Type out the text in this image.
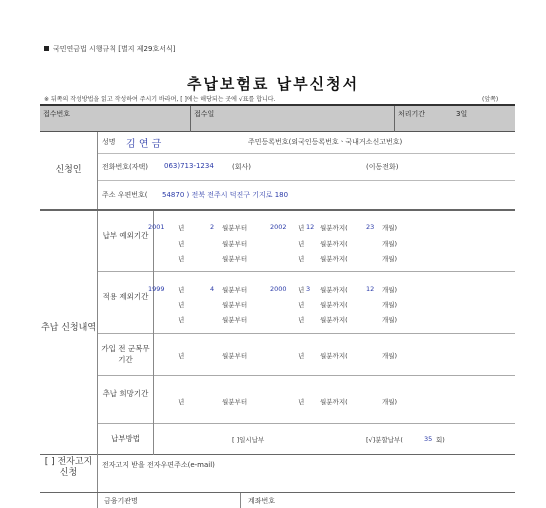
국민연금법 시행규칙 [별지 제29호서식]
추납보험료 납부신청서
※ 뒤쪽의 작성방법을 읽고 작성하여 주시기 바라며, [ ]에는 해당되는 곳에 √표를 합니다.	(앞쪽)
접수번호	접수일	처리기간	3일
신청인
성명 김 연 금	주민등록번호(외국인등록번호ㆍ국내거소신고번호)
전화번호(자택) 063)713-1234	(회사)	(이동전화)
주소 우편번호( 54870 ) 전북 전주시 덕진구 기지로 180
추납 신청내역
납부 예외기간
2001 년	2 월분부터	2002 년 12 월분까지(	23 개월)
년	월분부터	년 월분까지(	개월)
년	월분부터	년 월분까지(	개월)
적용 제외기간
1999 년	4 월분부터	2000 년 3 월분까지(	12 개월)
년	월분부터	년 월분까지(	개월)
년	월분부터	년 월분까지(	개월)
가입 전 군복무기간	년	월분부터	년 월분까지(	개월)
추납 희망기간
년	월분부터	년 월분까지(	개월)
납부방법	[ ]일시납부	[√]분할납부(	35 회)
[ ] 전자고지 신청
전자고지 받을 전자우편주소(e-mail)
금융기관명	계좌번호
